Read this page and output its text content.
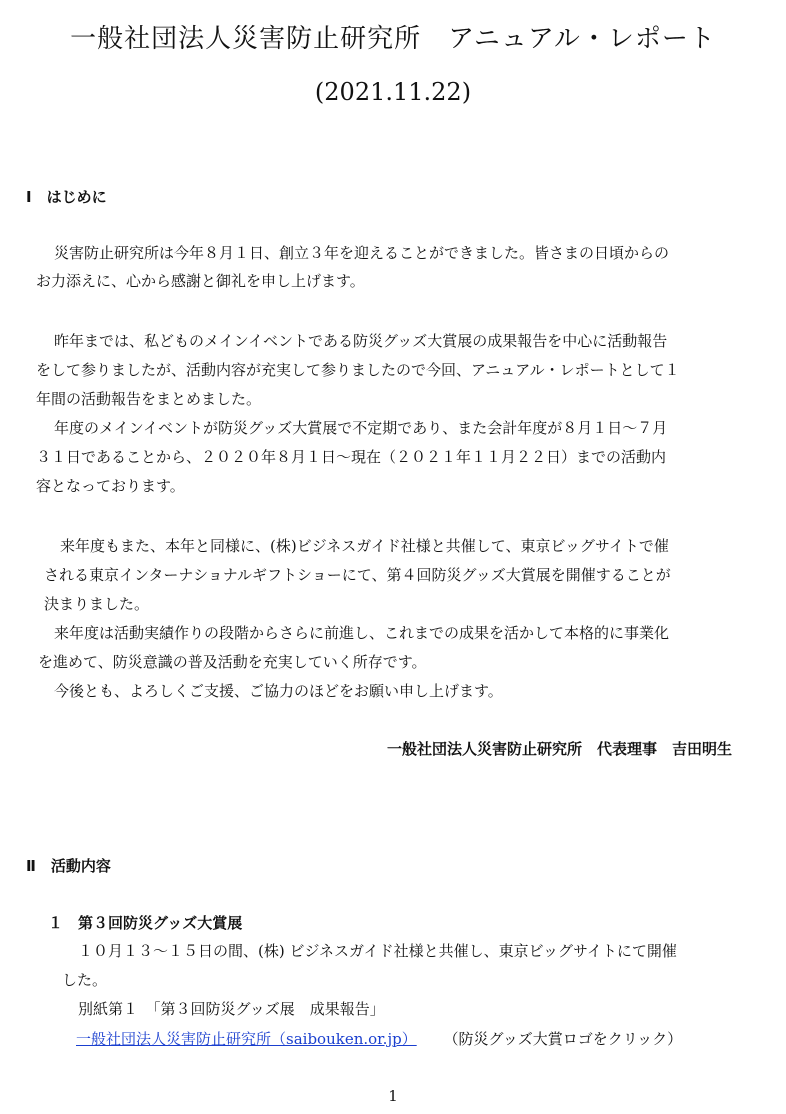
一般社団法人災害防止研究所　アニュアル・レポート
(2021.11.22)
Ⅰ　はじめに
災害防止研究所は今年８月１日、創立３年を迎えることができました。皆さまの日頃からの
お力添えに、心から感謝と御礼を申し上げます。
昨年までは、私どものメインイベントである防災グッズ大賞展の成果報告を中心に活動報告
をして参りましたが、活動内容が充実して参りましたので今回、アニュアル・レポートとして１
年間の活動報告をまとめました。
年度のメインイベントが防災グッズ大賞展で不定期であり、また会計年度が８月１日～７月
３１日であることから、２０２０年８月１日～現在（２０２１年１１月２２日）までの活動内
容となっております。
来年度もまた、本年と同様に、(株)ビジネスガイド社様と共催して、東京ビッグサイトで催
される東京インターナショナルギフトショーにて、第４回防災グッズ大賞展を開催することが
決まりました。
来年度は活動実績作りの段階からさらに前進し、これまでの成果を活かして本格的に事業化
を進めて、防災意識の普及活動を充実していく所存です。
今後とも、よろしくご支援、ご協力のほどをお願い申し上げます。
一般社団法人災害防止研究所　代表理事　吉田明生
Ⅱ　活動内容
１　第３回防災グッズ大賞展
１０月１３～１５日の間、(株) ビジネスガイド社様と共催し、東京ビッグサイトにて開催
した。
別紙第１　「第３回防災グッズ展　成果報告」
一般社団法人災害防止研究所（saibouken.or.jp） （防災グッズ大賞ロゴをクリック）
1
